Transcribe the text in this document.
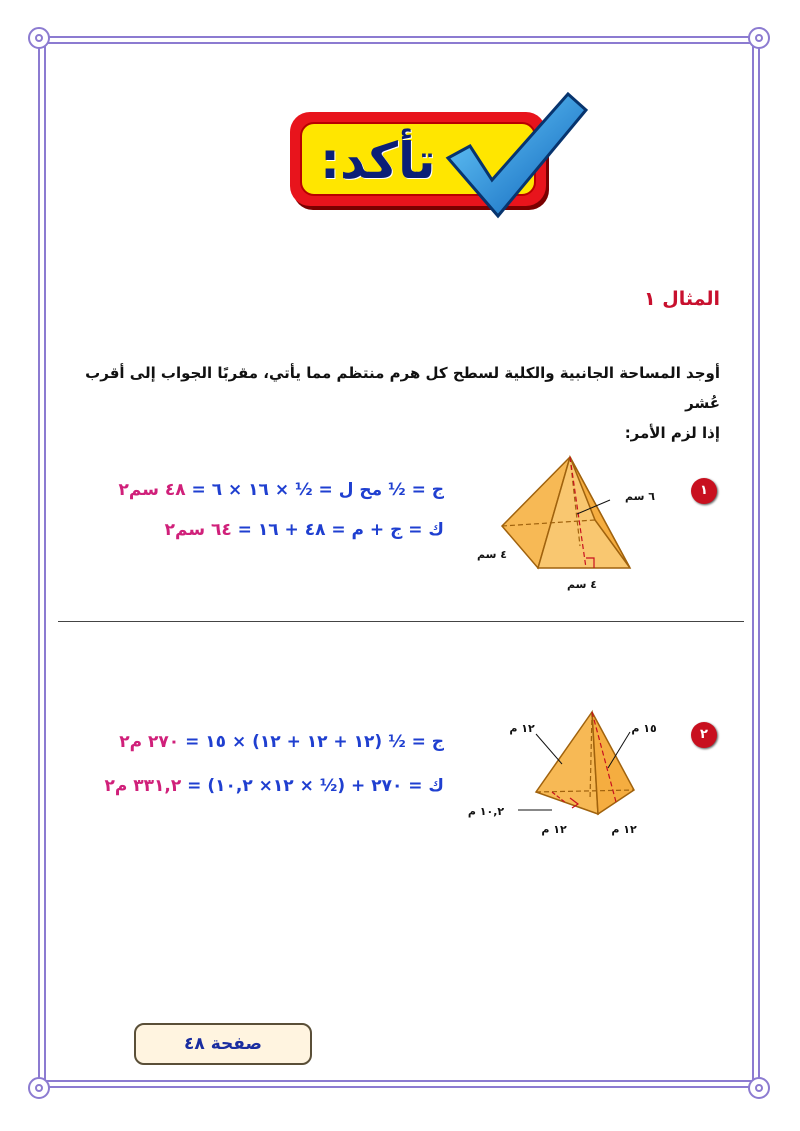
تأكد:
المثال ١
أوجد المساحة الجانبية والكلية لسطح كل هرم منتظم مما يأتي، مقربًا الجواب إلى أقرب عُشر
إذا لزم الأمر:
١
٦ سم
٤ سم
٤ سم
ج = ½ مح ل = ½ × ١٦ × ٦ = ٤٨ سم٢
ك = ج + م = ٤٨ + ١٦ = ٦٤ سم٢
٢
١٢ م	١٥ م
١٠,٢ م
١٢ م	١٢ م
ج = ½ (١٢ + ١٢ + ١٢) × ١٥ = ٢٧٠ م٢
ك = ٢٧٠ + (½ × ١٢× ١٠,٢) = ٣٣١,٢ م٢
صفحة ٤٨
